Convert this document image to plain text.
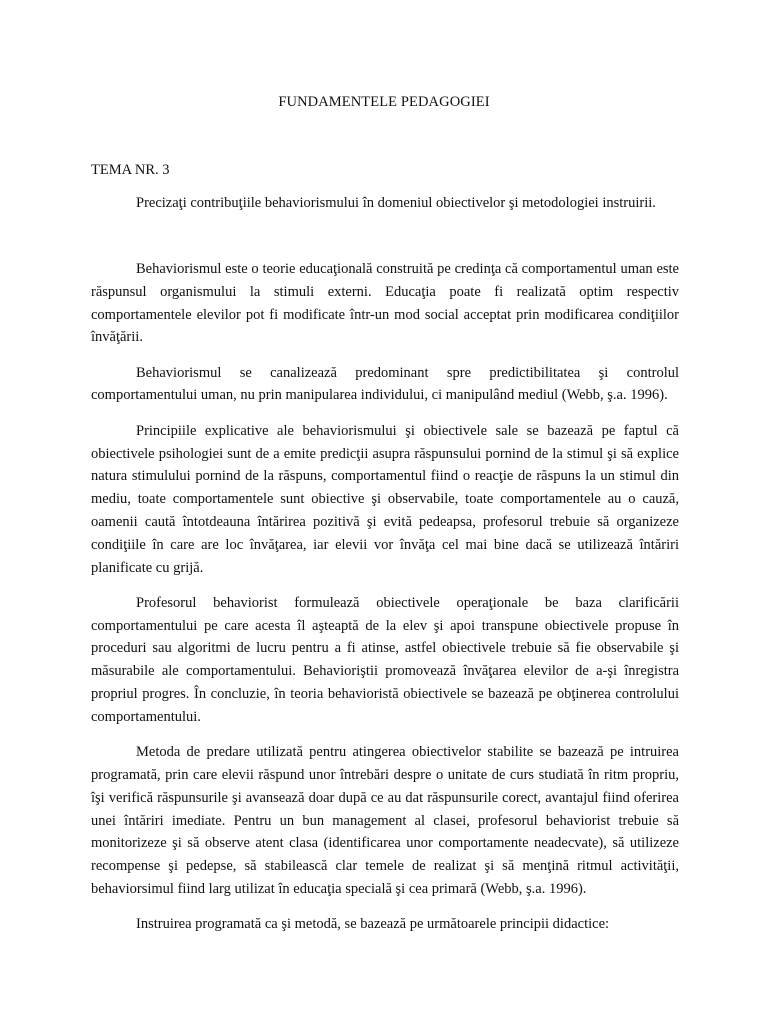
FUNDAMENTELE PEDAGOGIEI
TEMA NR. 3
Precizaţi contribuţiile behaviorismului în domeniul obiectivelor şi metodologiei instruirii.

Behaviorismul este o teorie educaţională construită pe credinţa că comportamentul uman este răspunsul organismului la stimuli externi. Educaţia poate fi realizată optim respectiv comportamentele elevilor pot fi modificate într-un mod social acceptat prin modificarea condiţiilor învăţării.

Behaviorismul se canalizează predominant spre predictibilitatea şi controlul comportamentului uman, nu prin manipularea individului, ci manipulând mediul (Webb, ş.a. 1996).

Principiile explicative ale behaviorismului şi obiectivele sale se bazează pe faptul că obiectivele psihologiei sunt de a emite predicţii asupra răspunsului pornind de la stimul şi să explice natura stimulului pornind de la răspuns, comportamentul fiind o reacţie de răspuns la un stimul din mediu, toate comportamentele sunt obiective şi observabile, toate comportamentele au o cauză, oamenii caută întotdeauna întărirea pozitivă şi evită pedeapsa, profesorul trebuie să organizeze condiţiile în care are loc învăţarea, iar elevii vor învăţa cel mai bine dacă se utilizează întăriri planificate cu grijă.

Profesorul behaviorist formulează obiectivele operaţionale be baza clarificării comportamentului pe care acesta îl aşteaptă de la elev şi apoi transpune obiectivele propuse în proceduri sau algoritmi de lucru pentru a fi atinse, astfel obiectivele trebuie să fie observabile şi măsurabile ale comportamentului. Behavioriştii promovează învăţarea elevilor de a-şi înregistra propriul progres. În concluzie, în teoria behavioristă obiectivele se bazează pe obţinerea controlului comportamentului.

Metoda de predare utilizată pentru atingerea obiectivelor stabilite se bazează pe intruirea programată, prin care elevii răspund unor întrebări despre o unitate de curs studiată în ritm propriu, îşi verifică răspunsurile şi avansează doar după ce au dat răspunsurile corect, avantajul fiind oferirea unei întăriri imediate. Pentru un bun management al clasei, profesorul behaviorist trebuie să monitorizeze şi să observe atent clasa (identificarea unor comportamente neadecvate), să utilizeze recompense şi pedepse, să stabilească clar temele de realizat şi să menţină ritmul activităţii, behaviorsimul fiind larg utilizat în educaţia specială şi cea primară (Webb, ş.a. 1996).

Instruirea programată ca şi metodă, se bazează pe următoarele principii didactice:
